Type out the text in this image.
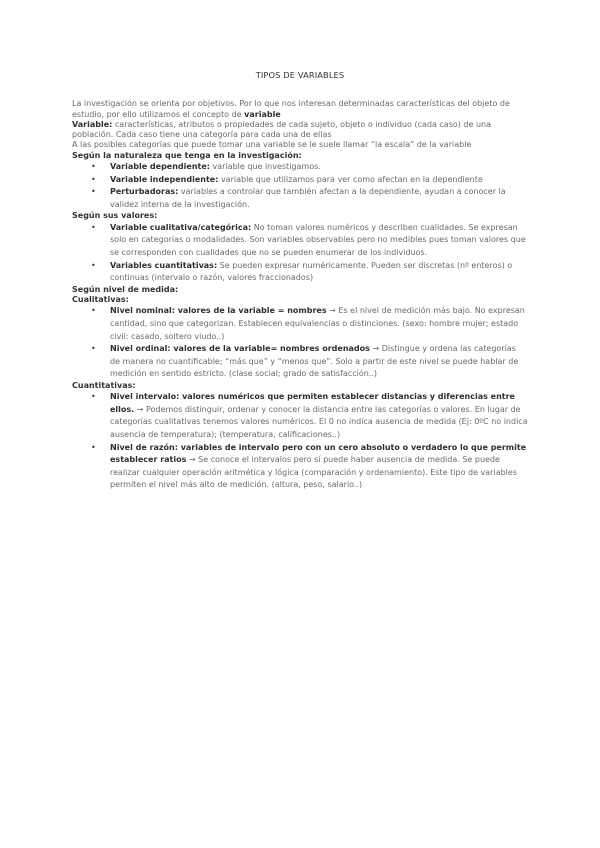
TIPOS DE VARIABLES

La investigación se orienta por objetivos. Por lo que nos interesan determinadas características del objeto de estudio, por ello utilizamos el concepto de variable

Variable: características, atributos o propiedades de cada sujeto, objeto o individuo (cada caso) de una población. Cada caso tiene una categoría para cada una de ellas

A las posibles categorías que puede tomar una variable se le suele llamar “la escala” de la variable

Según la naturaleza que tenga en la investigación:

• Variable dependiente: variable que investigamos.
• Variable independiente: variable que utilizamos para ver como afectan en la dependiente
• Perturbadoras: variables a controlar que también afectan a la dependiente, ayudan a conocer la validez interna de la investigación.

Según sus valores:

• Variable cualitativa/categórica: No toman valores numéricos y describen cualidades. Se expresan solo en categorías o modalidades. Son variables observables pero no medibles pues toman valores que se corresponden con cualidades que no se pueden enumerar de los individuos.
• Variables cuantitativas: Se pueden expresar numéricamente. Pueden ser discretas (nº enteros) o continuas (intervalo o razón, valores fraccionados)

Según nivel de medida:

Cualitativas:

• Nivel nominal: valores de la variable = nombres → Es el nivel de medición más bajo. No expresan cantidad, sino que categorizan. Establecen equivalencias o distinciones. (sexo: hombre mujer; estado civil: casado, soltero viudo..)
• Nivel ordinal: valores de la variable= nombres ordenados → Distingue y ordena las categorías de manera no cuantificable; “más que” y “menos que”. Solo a partir de este nivel se puede hablar de medición en sentido estricto. (clase social; grado de satisfacción..)

Cuantitativas:

• Nivel intervalo: valores numéricos que permiten establecer distancias y diferencias entre ellos. → Podemos distinguir, ordenar y conocer la distancia entre las categorías o valores. En lugar de categorías cualitativas tenemos valores numéricos. El 0 no indica ausencia de medida (Ej: 0ºC no indica ausencia de temperatura); (temperatura, calificaciones..)
• Nivel de razón: variables de intervalo pero con un cero absoluto o verdadero lo que permite establecer ratios → Se conoce el intervalos pero sí puede haber ausencia de medida. Se puede realizar cualquier operación aritmética y lógica (comparación y ordenamiento). Este tipo de variables permiten el nivel más alto de medición. (altura, peso, salario..)
